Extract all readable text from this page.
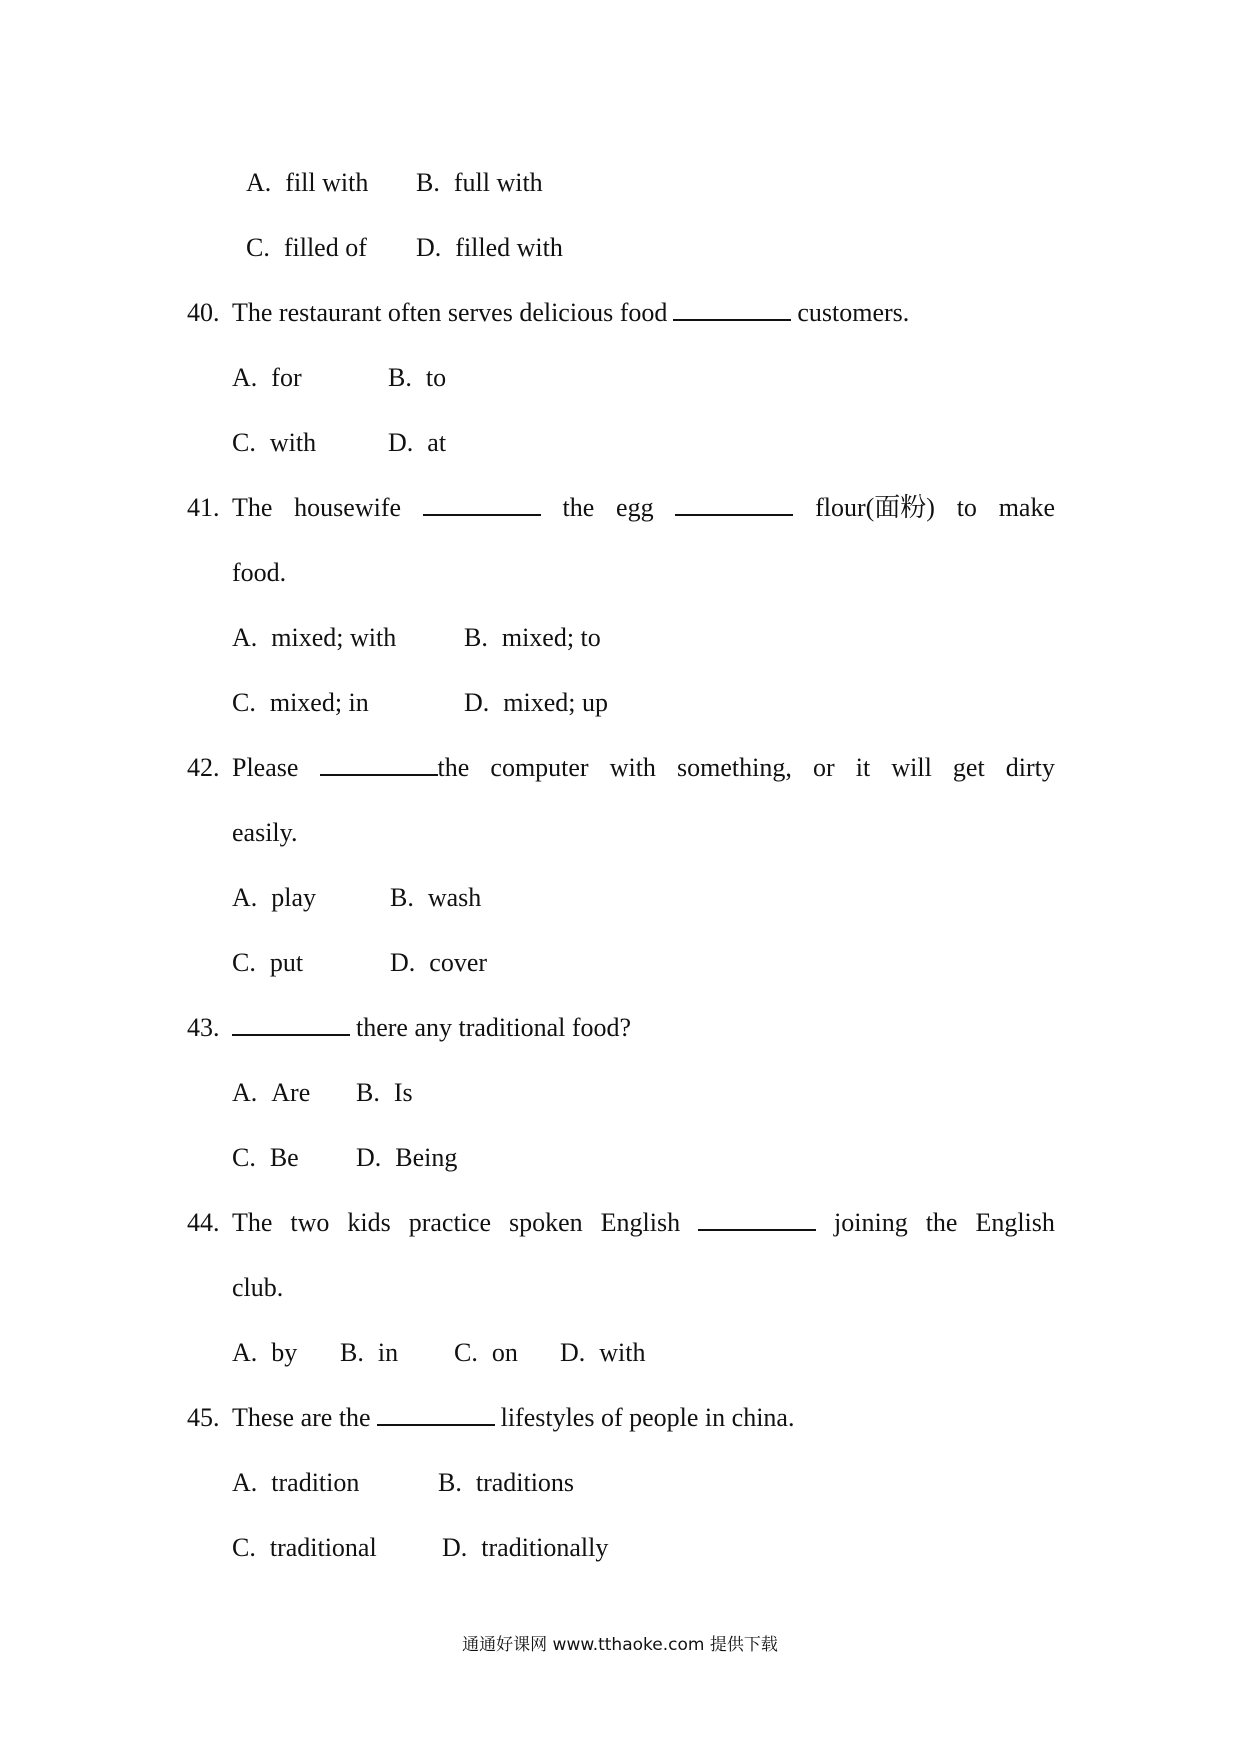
A. fill with B. full with
C. filled of D. filled with
40. The restaurant often serves delicious food	customers.
A. for	B. to
C. with	D. at
41. The housewife	the egg	flour(面粉) to make
food.
A. mixed; with	B. mixed; to
C. mixed; in	D. mixed; up
42. Please	the computer with something, or it will get dirty
easily.
A. play	B. wash
C. put	D. cover
43.	there any traditional food?
A. Are B. Is
C. Be D. Being
44. The two kids practice spoken English	joining the English
club.
A. by B. in C. on D. with
45. These are the	lifestyles of people in china.
A. tradition	B. traditions
C. traditional	D. traditionally
通通好课网 www.tthaoke.com 提供下载
